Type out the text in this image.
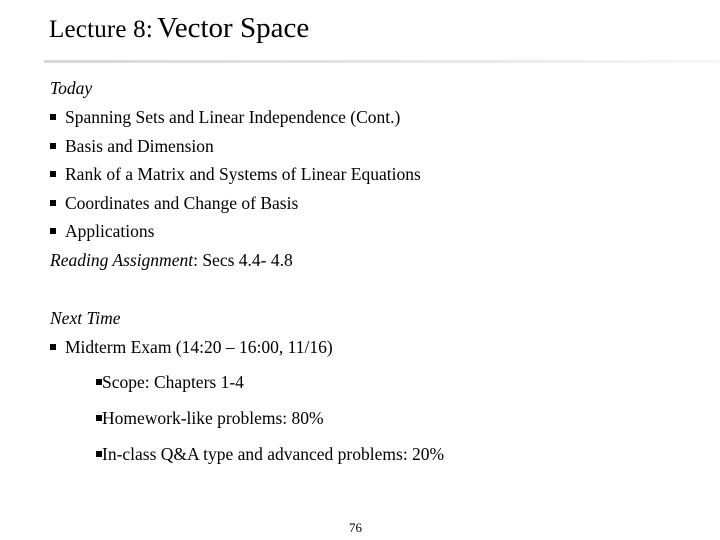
Lecture 8: Vector Space
Today
Spanning Sets and Linear Independence (Cont.)
Basis and Dimension
Rank of a Matrix and Systems of Linear Equations
Coordinates and Change of Basis
Applications
Reading Assignment: Secs 4.4- 4.8
Next Time
Midterm Exam (14:20 – 16:00, 11/16)
Scope: Chapters 1-4
Homework-like problems: 80%
In-class Q&A type and advanced problems: 20%
76
